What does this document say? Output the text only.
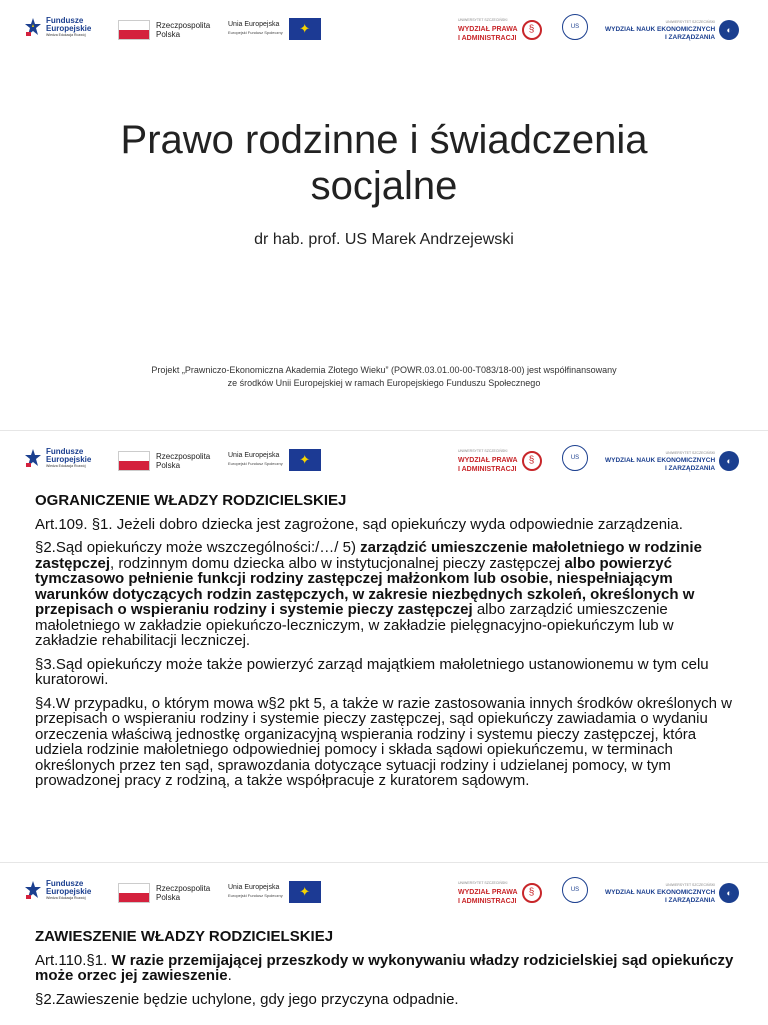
Fundusze
Europejskie
Wiedza Edukacja Rozwój
Rzeczpospolita
Polska
Unia Europejska
Europejski Fundusz Społeczny ✦
UNIWERSYTET SZCZECIŃSKI
WYDZIAŁ PRAWA
I ADMINISTRACJI
§	US
UNIWERSYTET SZCZECIŃSKI
WYDZIAŁ NAUK EKONOMICZNYCH
I ZARZĄDZANIA
◐
Prawo rodzinne i świadczenia
socjalne
dr hab. prof. US Marek Andrzejewski
Projekt „Prawniczo-Ekonomiczna Akademia Złotego Wieku” (POWR.03.01.00-00-T083/18-00) jest współfinansowany
ze środków Unii Europejskiej w ramach Europejskiego Funduszu Społecznego
Fundusze
Europejskie
Wiedza Edukacja Rozwój
Rzeczpospolita
Polska
Unia Europejska
Europejski Fundusz Społeczny ✦
UNIWERSYTET SZCZECIŃSKI
WYDZIAŁ PRAWA
I ADMINISTRACJI
§	US
UNIWERSYTET SZCZECIŃSKI
WYDZIAŁ NAUK EKONOMICZNYCH
I ZARZĄDZANIA
◐

OGRANICZENIE WŁADZY RODZICIELSKIEJ

Art.109. §1. Jeżeli dobro dziecka jest zagrożone, sąd opiekuńczy wyda odpowiednie zarządzenia.

§2.Sąd opiekuńczy może wszczególności:/…/ 5) zarządzić umieszczenie małoletniego w rodzinie zastępczej, rodzinnym domu dziecka albo w instytucjonalnej pieczy zastępczej albo powierzyć tymczasowo pełnienie funkcji rodziny zastępczej małżonkom lub osobie, niespełniającym warunków dotyczących rodzin zastępczych, w zakresie niezbędnych szkoleń, określonych w przepisach o wspieraniu rodziny i systemie pieczy zastępczej albo zarządzić umieszczenie małoletniego w zakładzie opiekuńczo-leczniczym, w zakładzie pielęgnacyjno-opiekuńczym lub w zakładzie rehabilitacji leczniczej.

§3.Sąd opiekuńczy może także powierzyć zarząd majątkiem małoletniego ustanowionemu w tym celu kuratorowi.

§4.W przypadku, o którym mowa w§2 pkt 5, a także w razie zastosowania innych środków określonych w przepisach o wspieraniu rodziny i systemie pieczy zastępczej, sąd opiekuńczy zawiadamia o wydaniu orzeczenia właściwą jednostkę organizacyjną wspierania rodziny i systemu pieczy zastępczej, która udziela rodzinie małoletniego odpowiedniej pomocy i składa sądowi opiekuńczemu, w terminach określonych przez ten sąd, sprawozdania dotyczące sytuacji rodziny i udzielanej pomocy, w tym prowadzonej pracy z rodziną, a także współpracuje z kuratorem sądowym.

Fundusze
Europejskie
Wiedza Edukacja Rozwój
Rzeczpospolita
Polska
Unia Europejska
Europejski Fundusz Społeczny ✦
UNIWERSYTET SZCZECIŃSKI
WYDZIAŁ PRAWA
I ADMINISTRACJI
§	US
UNIWERSYTET SZCZECIŃSKI
WYDZIAŁ NAUK EKONOMICZNYCH
I ZARZĄDZANIA
◐

ZAWIESZENIE WŁADZY RODZICIELSKIEJ

Art.110.§1. W razie przemijającej przeszkody w wykonywaniu władzy rodzicielskiej sąd opiekuńczy może orzec jej zawieszenie.

§2.Zawieszenie będzie uchylone, gdy jego przyczyna odpadnie.
